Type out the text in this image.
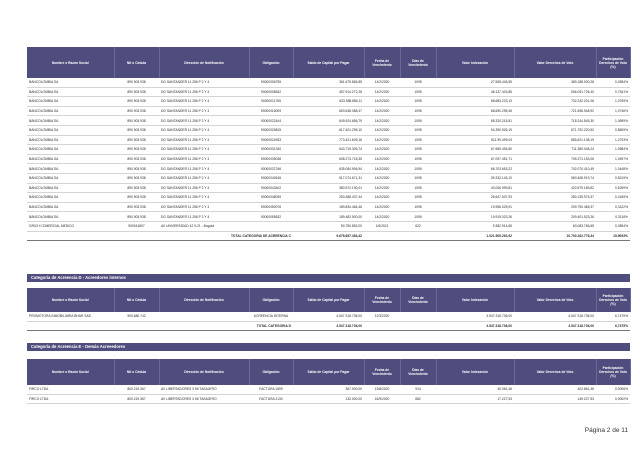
Nombre o Razón Social	NIt o Cédula	Dirección de Notificación	Obligación	Saldo de Capital por Pagar	Fecha de Vencimiento	Días de Vencimiento	Valor Indexación	Valor Derechos de Voto	Participación Derechos de Voto (%)
BANCOLOMBIA SA	890.903.938	DG SANTANDER 11 256 P 2 Y 4	90000006795	361.679.865,85	14/2/2020	1095	27.508.446,55	389.188.000,28	0,4554%
BANCOLOMBIA SA	890.903.938	DG SANTANDER 11 256 P 2 Y 4	90000008532	457.914.272,28	14/2/2020	1095	48.137.403,85	506.051.726,40	0,7541%
BANCOLOMBIA SA	890.903.938	DG SANTANDER 11 256 P 2 Y 4	90000011765	633.558.886,11	14/2/2020	1095	68.683.223,13	702.242.201,06	1,0769%
BANCOLOMBIA SA	890.903.938	DG SANTANDER 11 256 P 2 Y 4	90000016009	653.548.388,47	14/2/2020	1095	68.650.295,45	721.698.948,92	1,0746%
BANCOLOMBIA SA	890.903.938	DG SANTANDER 11 256 P 2 Y 4	90000022444	649.924.656,79	14/2/2020	1095	68.320.215,51	718.244.845,30	1,0699%
BANCOLOMBIA SA	890.903.938	DG SANTANDER 11 256 P 2 Y 4	90000025815	617.401.295,10	14/2/2020	1095	54.390.926,19	671.792.220,52	0,8609%
BANCOLOMBIA SA	890.903.938	DG SANTANDER 11 256 P 2 Y 4	90000024933	773.421.609,16	14/2/2020	1095	811.99.499,03	855.621.108,19	1,2703%
BANCOLOMBIA SA	890.903.938	DG SANTANDER 11 256 P 2 Y 4	90000031330	643.719.305,74	14/2/2020	1095	67.669.494,80	711.389.048,24	1,0584%
BANCOLOMBIA SA	890.903.938	DG SANTANDER 11 256 P 2 Y 4	90000035038	638.273.718,35	14/2/2020	1095	67.097.451,71	705.371.153,06	1,0497%
BANCOLOMBIA SA	890.903.938	DG SANTANDER 11 256 P 2 Y 4	90000037246	635.084.906,94	14/2/2020	1095	66.703.653,22	702.070.410,49	1,0448%
BANCOLOMBIA SA	890.903.938	DG SANTANDER 11 256 P 2 Y 4	90000040616	517.074.671,31	14/2/2020	1095	39.332.145,10	560.408.919,74	0,8219%
BANCOLOMBIA SA	890.903.938	DG SANTANDER 11 256 P 2 Y 4	90000043402	380.572.190,01	14/2/2020	1095	40.006.999,81	420.579.189,82	0,6259%
BANCOLOMBIA SA	890.903.938	DG SANTANDER 11 256 P 2 Y 4	90000048039	253.488.437,44	14/2/2020	1095	26.647.537,93	280.135.975,37	0,4169%
BANCOLOMBIA SA	890.903.938	DG SANTANDER 11 256 P 2 Y 4	90000050076	189.834.464,46	14/2/2020	1095	19.956.025,91	209.790.465,37	0,3122%
BANCOLOMBIA SA	890.903.938	DG SANTANDER 11 256 P 2 Y 4	90000055632	189.482.500,00	14/2/2020	1095	19.919.023,26	209.401.523,26	0,3116%
GRICH COMERCIAL MEDICO	900041807	AV UNIVERSIDAD 42 9-21 - Bogotá		50.750.852,00	1/6/2021	622	9.382.914,65	60.083.766,65	0,0894%
TOTAL CATEGORIA DE ACREENCIA C				9.678.657.454,42			1.021.505.263,92	10.700.162.778,34	15.9093%
Categoría de Acreencia D - Acreedores internos
Nombre o Razón Social	NIt o Cédula	Dirección de Notificación	Obligación	Saldo de Capital por Pagar	Fecha de Vencimiento	Días de Vencimiento	Valor Indexación	Valor Derechos de Voto	Participación Derechos de Voto (%)
PROMOTORA INMOBILIARIA BHAR SAS	900.680.742		ACREENCIA INTERNA	4.547.318.736,00	12/3/2020		4.547.318.736,00	4.547.318.736,00	6,7475%
TOTAL CATEGORIA D				4.547.318.736,00			4.547.318.736,00	4.547.318.736,00	6,7475%
Categoría de Acreencia E - Demás Acreeedores
Nombre o Razón Social	NIt o Cédula	Dirección de Notificación	Obligación	Saldo de Capital por Pagar	Fecha de Vencimiento	Días de Vencimiento	Valor Indexación	Valor Derechos de Voto	Participación Derechos de Voto (%)
FIRCO LTDA	800.219.367	AV LIBERTADORES 3 56 TASAJERO	FACTURA 1699	367.000,00	13/8/2020	914	40.061,46	402.861,46	0,0006%
FIRCO LTDA	800.219.367	AV LIBERTADORES 3 56 TASAJERO	FACTURA 2130	132.000,00	16/9/2020	882	17.227,53	149.227,53	0,0002%
Página 2 de 11
